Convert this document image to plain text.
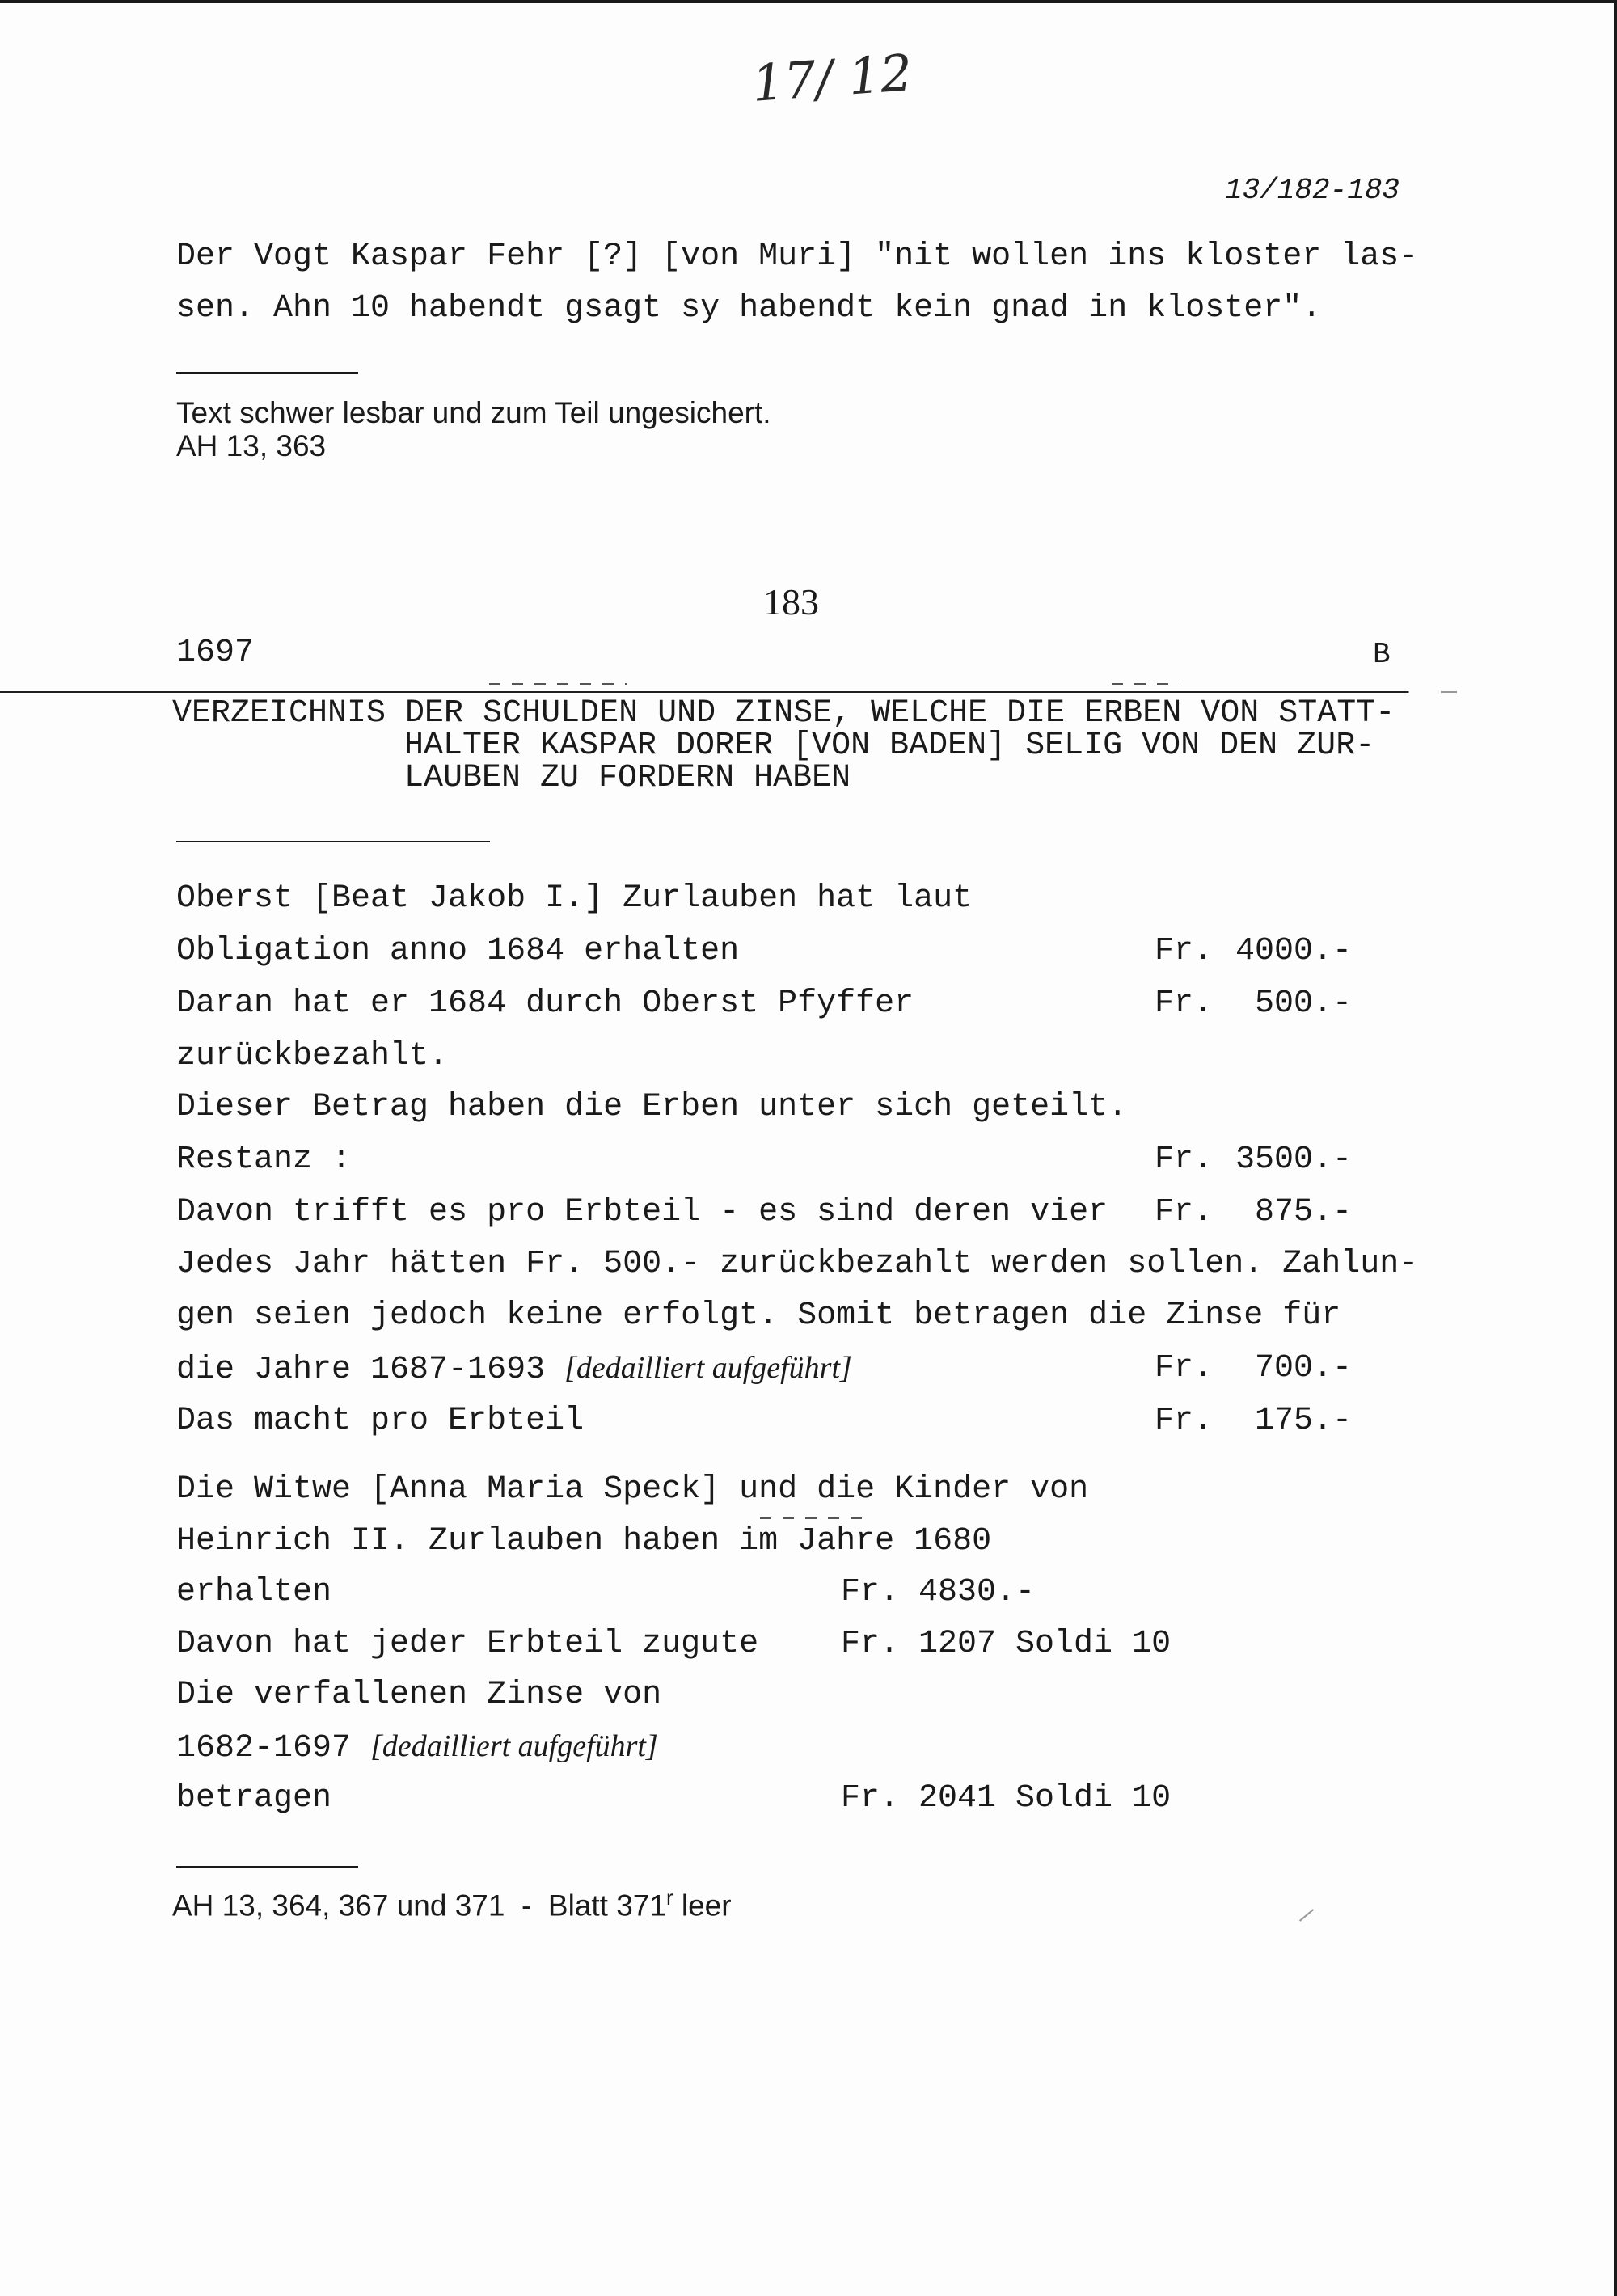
17/ 12
13/182-183
Der Vogt Kaspar Fehr [?] [von Muri] "nit wollen ins kloster las-
sen. Ahn 10 habendt gsagt sy habendt kein gnad in kloster".
Text schwer lesbar und zum Teil ungesichert.
AH 13, 363
183
1697	B
VERZEICHNIS DER SCHULDEN UND ZINSE, WELCHE DIE ERBEN VON STATT-
HALTER KASPAR DORER [VON BADEN] SELIG VON DEN ZUR-
LAUBEN ZU FORDERN HABEN
Oberst [Beat Jakob I.] Zurlauben hat laut
Obligation anno 1684 erhalten	Fr. 4000.-
Daran hat er 1684 durch Oberst Pfyffer	Fr. 500.-
zurückbezahlt.
Dieser Betrag haben die Erben unter sich geteilt.
Restanz :	Fr. 3500.-
Davon trifft es pro Erbteil - es sind deren vier Fr. 875.-
Jedes Jahr hätten Fr. 500.- zurückbezahlt werden sollen. Zahlun-
gen seien jedoch keine erfolgt. Somit betragen die Zinse für
die Jahre 1687-1693 [dedailliert aufgeführt]	Fr. 700.-
Das macht pro Erbteil	Fr. 175.-
Die Witwe [Anna Maria Speck] und die Kinder von
Heinrich II. Zurlauben haben im Jahre 1680
erhalten	Fr. 4830.-
Davon hat jeder Erbteil zugute	Fr. 1207 Soldi 10
Die verfallenen Zinse von
1682-1697 [dedailliert aufgeführt]
betragen	Fr. 2041 Soldi 10
AH 13, 364, 367 und 371  -  Blatt 371$^r$ leer
